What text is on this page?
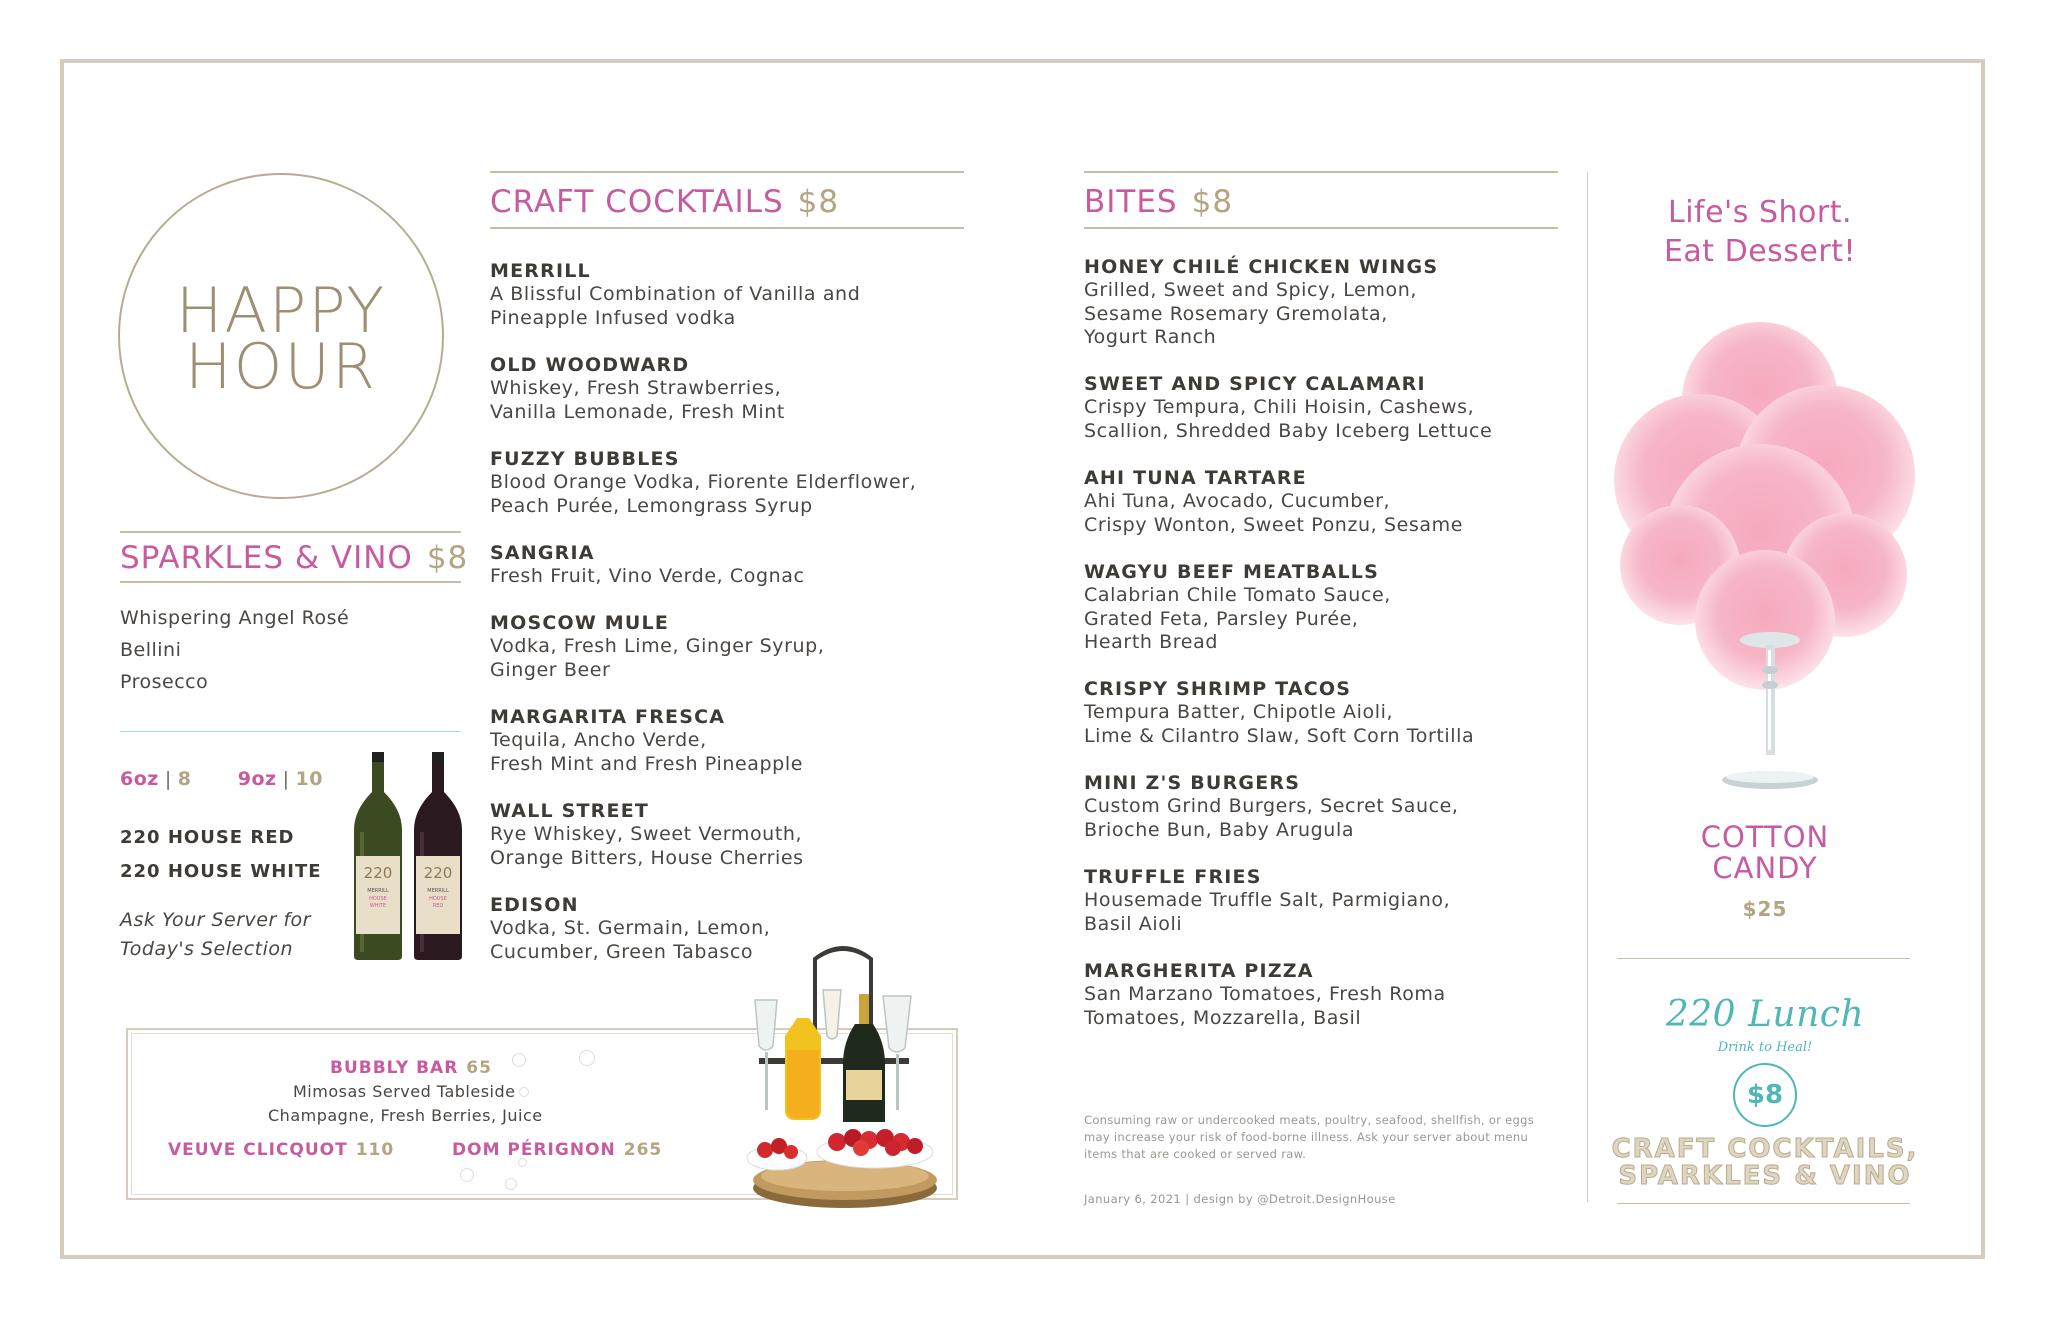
HAPPY
HOUR
SPARKLES & VINO $8
Whispering Angel Rosé
Bellini
Prosecco
6oz | 8 9oz | 10
220 HOUSE RED
220 HOUSE WHITE
Ask Your Server for
Today's Selection
220
MERRILL
HOUSE
WHITE
220
MERRILL
HOUSE
RED
CRAFT COCKTAILS $8
MERRILL
A Blissful Combination of Vanilla and
Pineapple Infused vodka
OLD WOODWARD
Whiskey, Fresh Strawberries,
Vanilla Lemonade, Fresh Mint
FUZZY BUBBLES
Blood Orange Vodka, Fiorente Elderflower,
Peach Purée, Lemongrass Syrup
SANGRIA
Fresh Fruit, Vino Verde, Cognac
MOSCOW MULE
Vodka, Fresh Lime, Ginger Syrup,
Ginger Beer
MARGARITA FRESCA
Tequila, Ancho Verde,
Fresh Mint and Fresh Pineapple
WALL STREET
Rye Whiskey, Sweet Vermouth,
Orange Bitters, House Cherries
EDISON
Vodka, St. Germain, Lemon,
Cucumber, Green Tabasco
BUBBLY BAR 65
Mimosas Served Tableside
Champagne, Fresh Berries, Juice
VEUVE CLICQUOT 110	DOM PÉRIGNON 265
BITES $8
HONEY CHILÉ CHICKEN WINGS
Grilled, Sweet and Spicy, Lemon,
Sesame Rosemary Gremolata,
Yogurt Ranch
SWEET AND SPICY CALAMARI
Crispy Tempura, Chili Hoisin, Cashews,
Scallion, Shredded Baby Iceberg Lettuce
AHI TUNA TARTARE
Ahi Tuna, Avocado, Cucumber,
Crispy Wonton, Sweet Ponzu, Sesame
WAGYU BEEF MEATBALLS
Calabrian Chile Tomato Sauce,
Grated Feta, Parsley Purée,
Hearth Bread
CRISPY SHRIMP TACOS
Tempura Batter, Chipotle Aioli,
Lime & Cilantro Slaw, Soft Corn Tortilla
MINI Z'S BURGERS
Custom Grind Burgers, Secret Sauce,
Brioche Bun, Baby Arugula
TRUFFLE FRIES
Housemade Truffle Salt, Parmigiano,
Basil Aioli
MARGHERITA PIZZA
San Marzano Tomatoes, Fresh Roma
Tomatoes, Mozzarella, Basil
Consuming raw or undercooked meats, poultry, seafood, shellfish, or eggs may increase your risk of food-borne illness. Ask your server about menu items that are cooked or served raw.
January 6, 2021 | design by @Detroit.DesignHouse
Life's Short.
Eat Dessert!
COTTON
CANDY
$25
220 Lunch
Drink to Heal!
$8
CRAFT COCKTAILS,
SPARKLES & VINO
